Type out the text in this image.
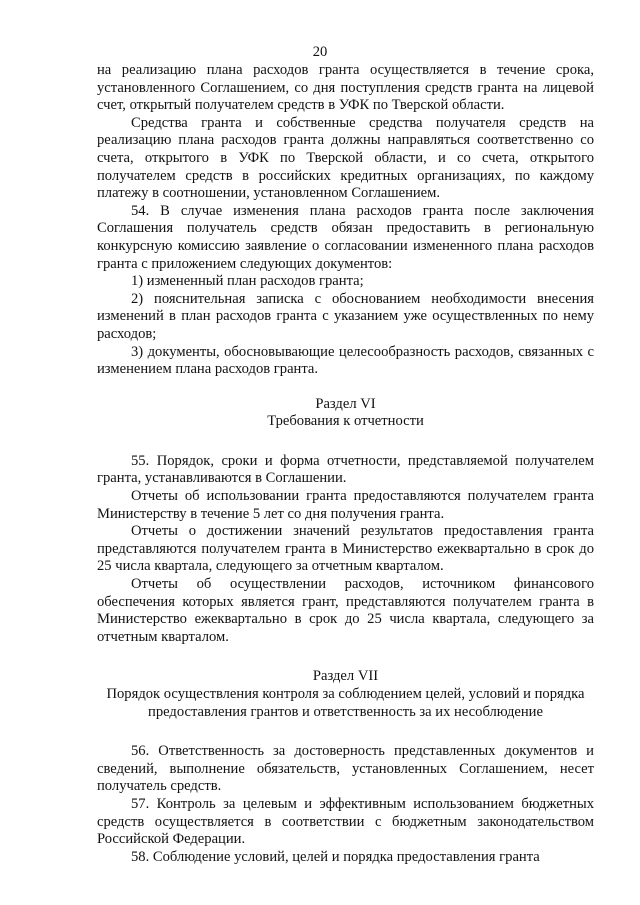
20

на реализацию плана расходов гранта осуществляется в течение срока, установленного Соглашением, со дня поступления средств гранта на лицевой счет, открытый получателем средств в УФК по Тверской области.

Средства гранта и собственные средства получателя средств на реализацию плана расходов гранта должны направляться соответственно со счета, открытого в УФК по Тверской области, и со счета, открытого получателем средств в российских кредитных организациях, по каждому платежу в соотношении, установленном Соглашением.

54. В случае изменения плана расходов гранта после заключения Соглашения получатель средств обязан предоставить в региональную конкурсную комиссию заявление о согласовании измененного плана расходов гранта с приложением следующих документов:

1) измененный план расходов гранта;

2) пояснительная записка с обоснованием необходимости внесения изменений в план расходов гранта с указанием уже осуществленных по нему расходов;

3) документы, обосновывающие целесообразность расходов, связанных с изменением плана расходов гранта.

Раздел VI

Требования к отчетности

55. Порядок, сроки и форма отчетности, представляемой получателем гранта, устанавливаются в Соглашении.

Отчеты об использовании гранта предоставляются получателем гранта Министерству в течение 5 лет со дня получения гранта.

Отчеты о достижении значений результатов предоставления гранта представляются получателем гранта в Министерство ежеквартально в срок до 25 числа квартала, следующего за отчетным кварталом.

Отчеты об осуществлении расходов, источником финансового обеспечения которых является грант, представляются получателем гранта в Министерство ежеквартально в срок до 25 числа квартала, следующего за отчетным кварталом.

Раздел VII

Порядок осуществления контроля за соблюдением целей, условий и порядка

предоставления грантов и ответственность за их несоблюдение

56. Ответственность за достоверность представленных документов и сведений, выполнение обязательств, установленных Соглашением, несет получатель средств.

57. Контроль за целевым и эффективным использованием бюджетных средств осуществляется в соответствии с бюджетным законодательством Российской Федерации.

58. Соблюдение условий, целей и порядка предоставления гранта
